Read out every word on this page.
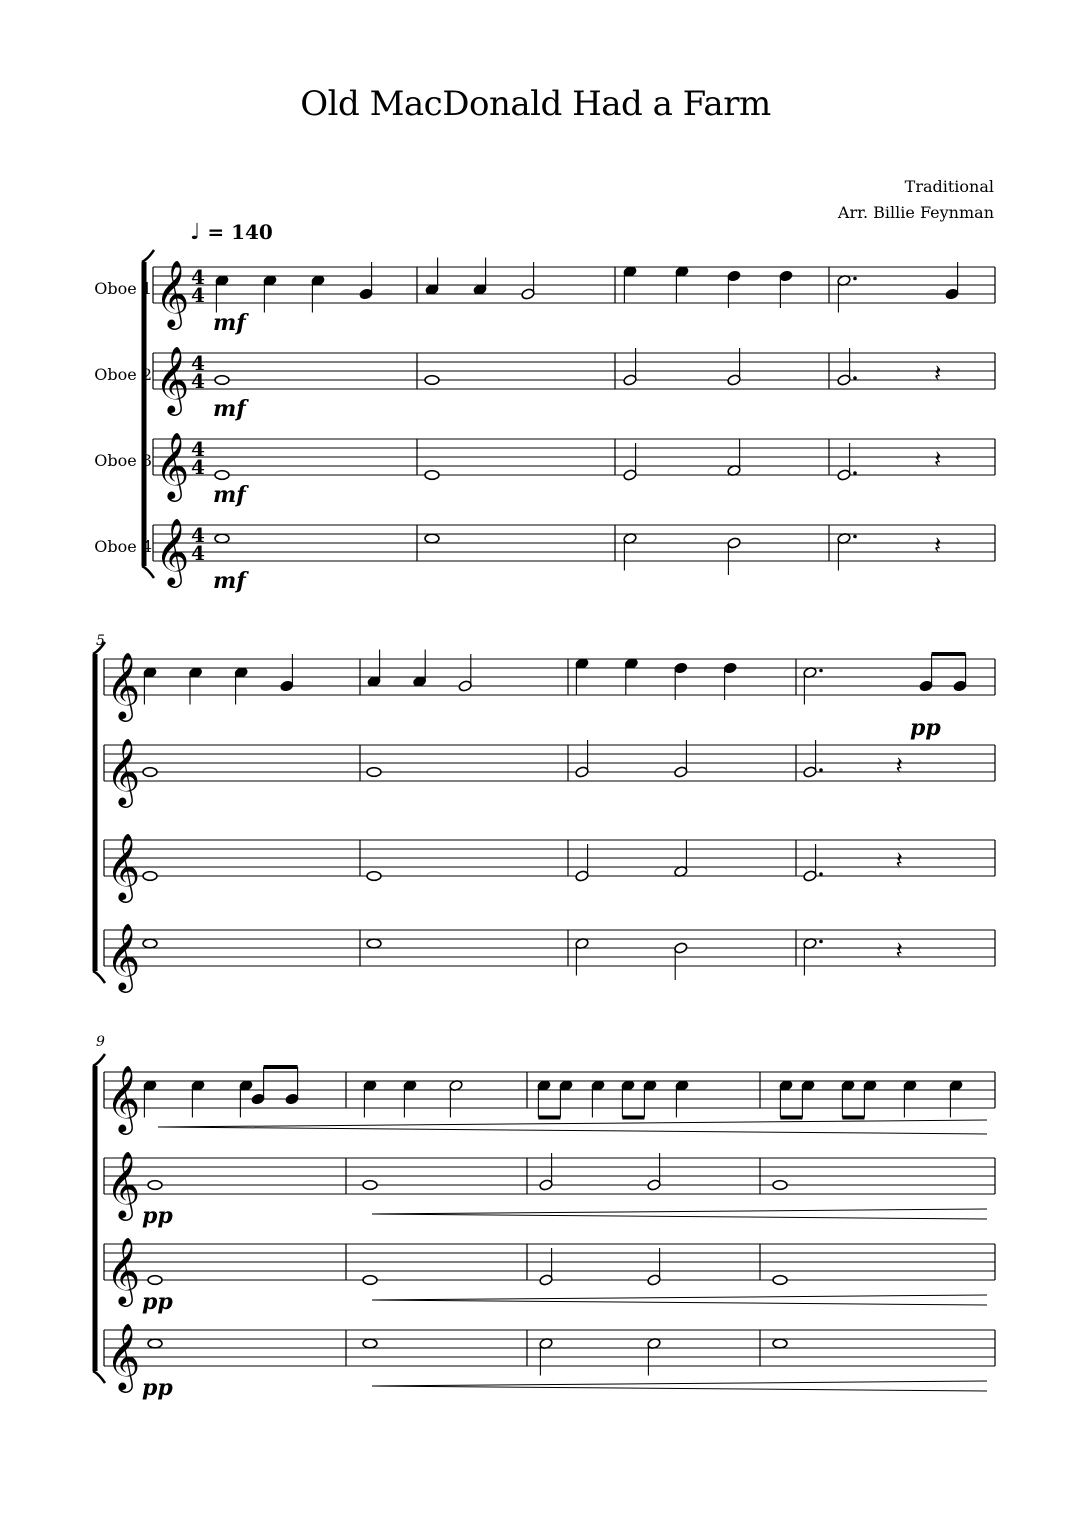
Old MacDonald Had a Farm
Traditional
Arr. Billie Feynman
♩ = 140
Oboe 1
Oboe 2
Oboe 3
Oboe 4
5
9
𝄞 4
4
𝄞 4
4
𝄞 4
4
𝄞 4
4
𝄞
𝄞
𝄞
𝄞
𝄞
𝄞
𝄞
𝄞
𝄽
𝄽
𝄽
𝄽
𝄽
𝄽
mf
mf
mf
mf
pp
pp
pp
pp
